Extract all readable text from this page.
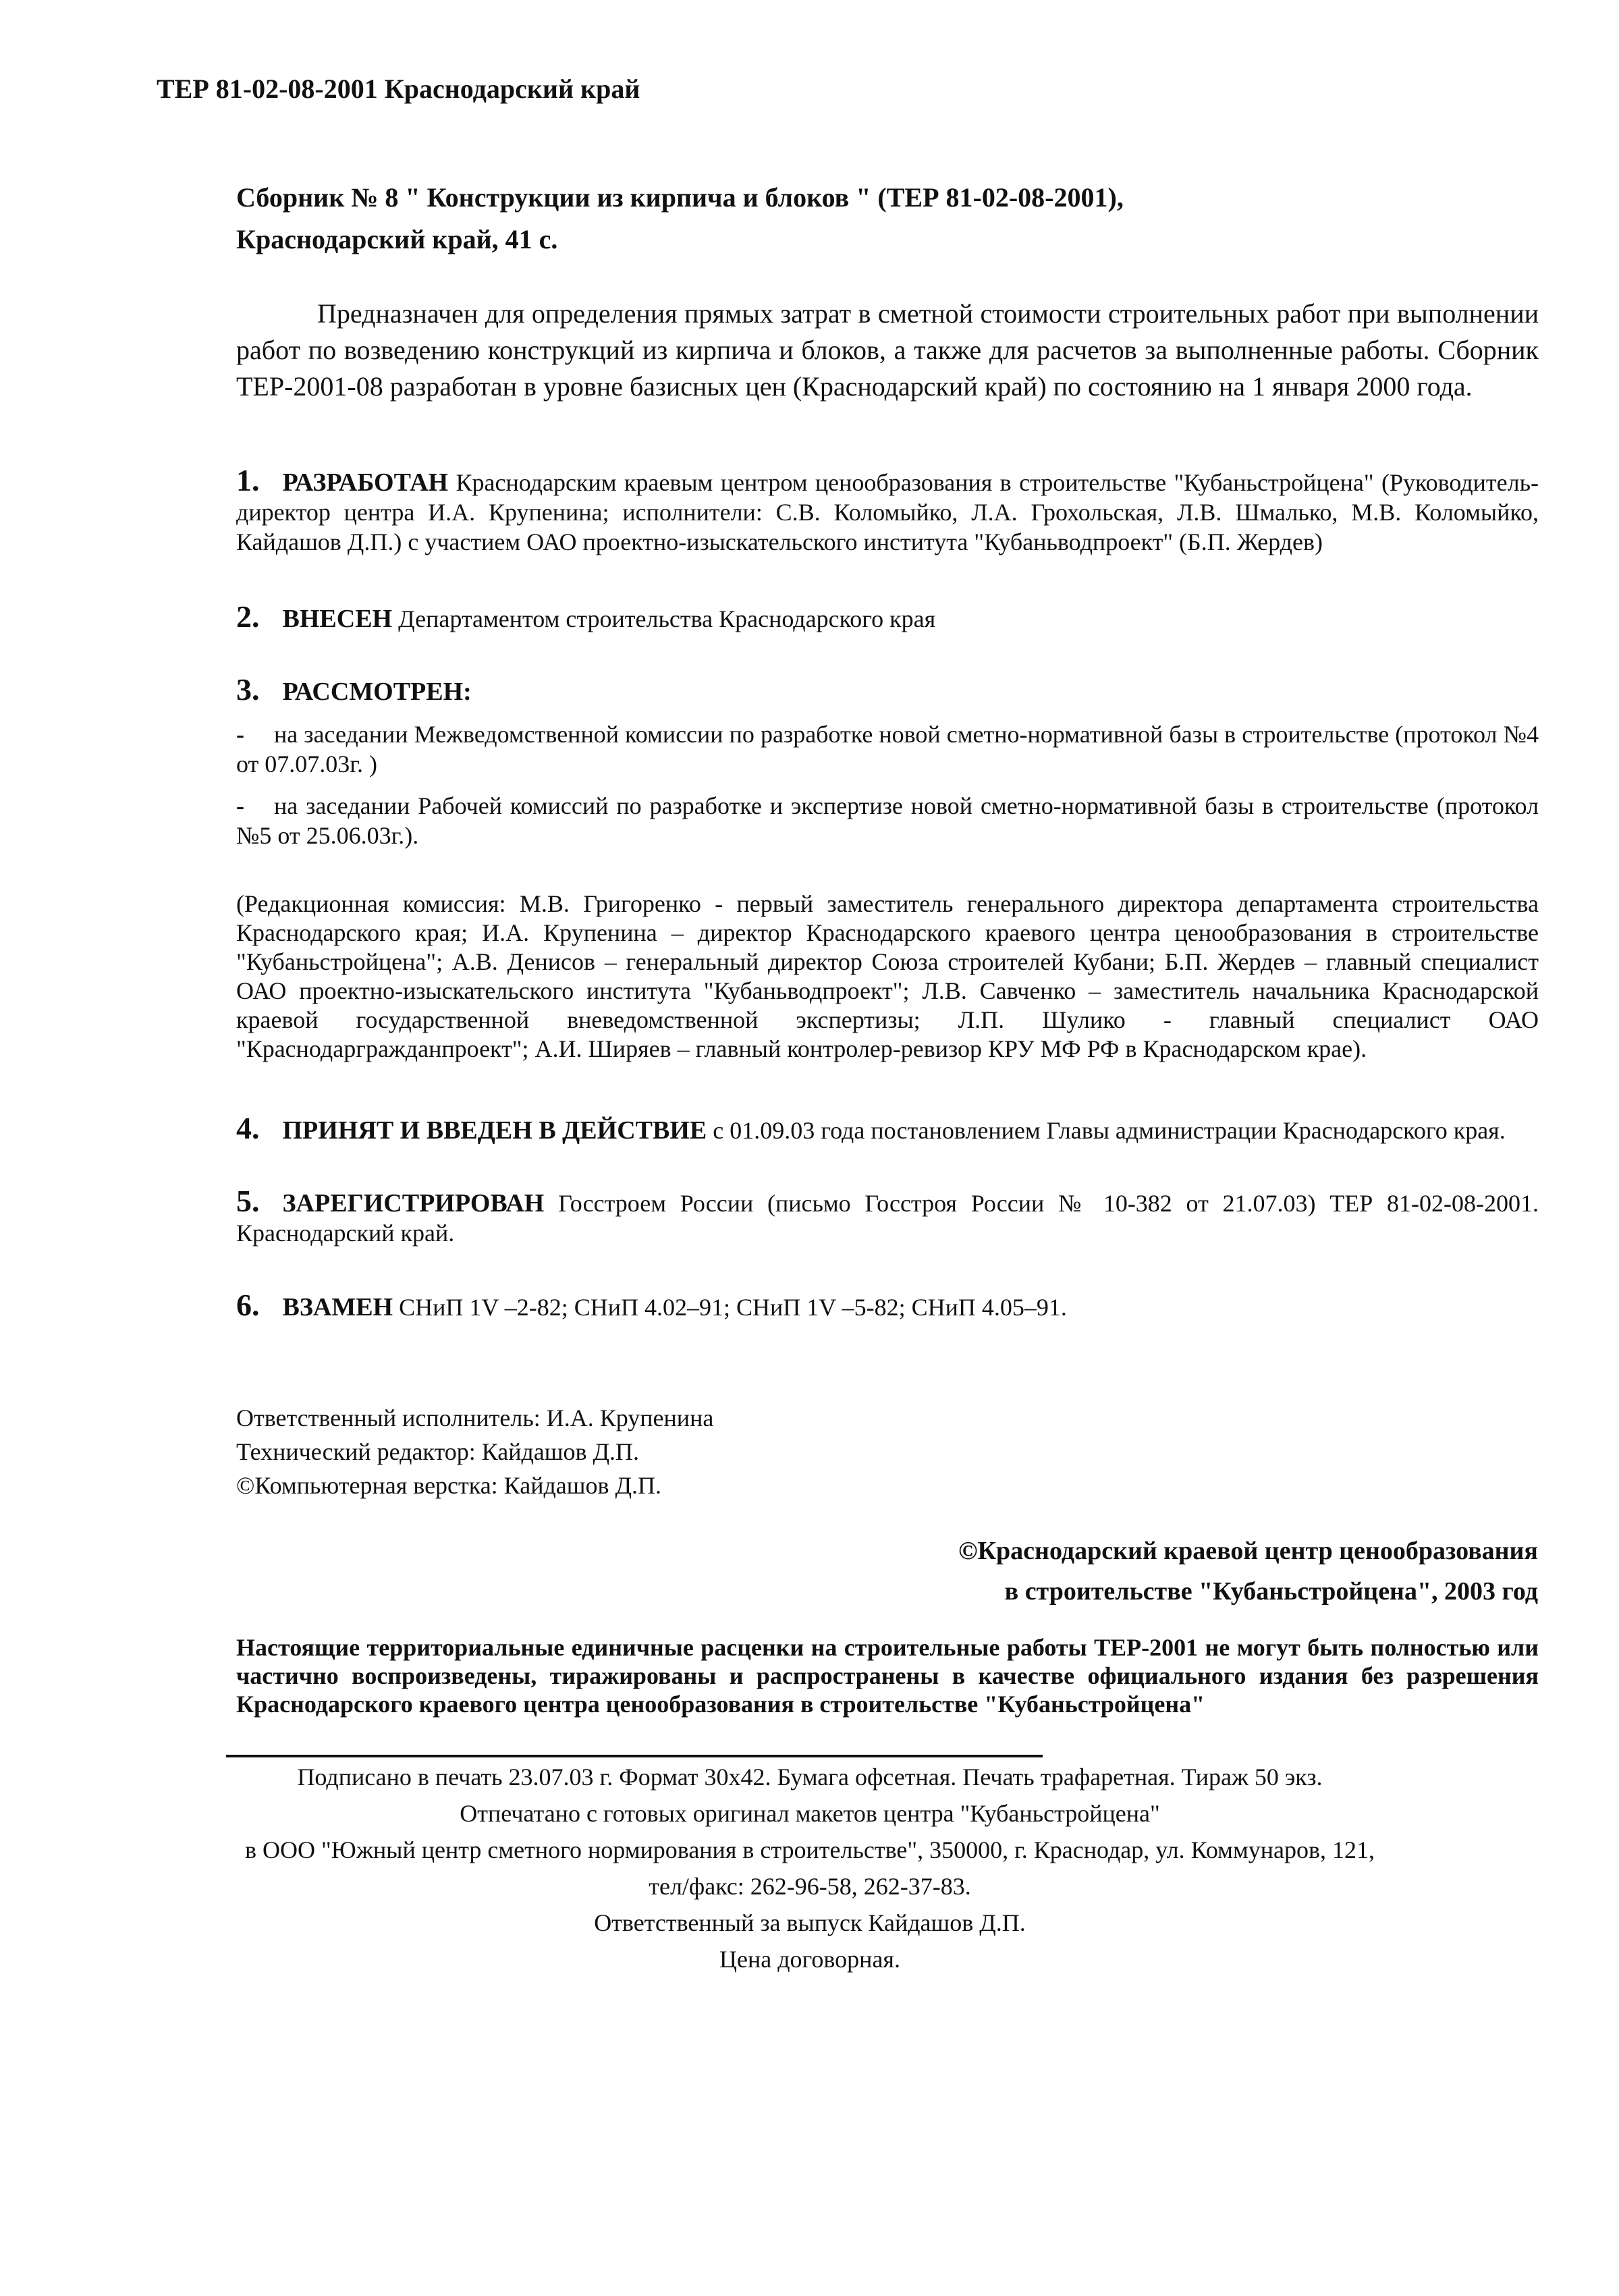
ТЕР 81-02-08-2001 Краснодарский край
Сборник № 8 " Конструкции из кирпича и блоков " (ТЕР 81-02-08-2001),
Краснодарский край, 41 с.
Предназначен для определения прямых затрат в сметной стоимости строительных работ при выполнении работ по возведению конструкций из кирпича и блоков, а также для расчетов за выполненные работы. Сборник ТЕР-2001-08 разработан в уровне базисных цен (Краснодарский край) по состоянию на 1 января 2000 года.
1. РАЗРАБОТАН Краснодарским краевым центром ценообразования в строительстве "Кубаньстройцена" (Руководитель- директор центра И.А. Крупенина; исполнители: С.В. Коломыйко, Л.А. Грохольская, Л.В. Шмалько, М.В. Коломыйко, Кайдашов Д.П.) с участием ОАО проектно-изыскательского института "Кубаньводпроект" (Б.П. Жердев)
2. ВНЕСЕН Департаментом строительства Краснодарского края
3. РАССМОТРЕН:
- на заседании Межведомственной комиссии по разработке новой сметно-нормативной базы в строительстве (протокол №4 от 07.07.03г. )
- на заседании Рабочей комиссий по разработке и экспертизе новой сметно-нормативной базы в строительстве (протокол №5 от 25.06.03г.).
(Редакционная комиссия: М.В. Григоренко - первый заместитель генерального директора департамента строительства Краснодарского края; И.А. Крупенина – директор Краснодарского краевого центра ценообразования в строительстве "Кубаньстройцена"; А.В. Денисов – генеральный директор Союза строителей Кубани; Б.П. Жердев – главный специалист ОАО проектно-изыскательского института "Кубаньводпроект"; Л.В. Савченко – заместитель начальника Краснодарской краевой государственной вневедомственной экспертизы; Л.П. Шулико - главный специалист ОАО "Краснодаргражданпроект"; А.И. Ширяев – главный контролер-ревизор КРУ МФ РФ в Краснодарском крае).
4. ПРИНЯТ И ВВЕДЕН В ДЕЙСТВИЕ с 01.09.03 года постановлением Главы администрации Краснодарского края.
5. ЗАРЕГИСТРИРОВАН Госстроем России (письмо Госстроя России № 10-382 от 21.07.03) ТЕР 81-02-08-2001. Краснодарский край.
6. ВЗАМЕН СНиП 1V –2-82; СНиП 4.02–91; СНиП 1V –5-82; СНиП 4.05–91.
Ответственный исполнитель: И.А. Крупенина
Технический редактор: Кайдашов Д.П.
©Компьютерная верстка: Кайдашов Д.П.
©Краснодарский краевой центр ценообразования
в строительстве "Кубаньстройцена", 2003 год
Настоящие территориальные единичные расценки на строительные работы ТЕР-2001 не могут быть полностью или частично воспроизведены, тиражированы и распространены в качестве официального издания без разрешения Краснодарского краевого центра ценообразования в строительстве "Кубаньстройцена"
Подписано в печать 23.07.03 г. Формат 30х42. Бумага офсетная. Печать трафаретная. Тираж 50 экз.
Отпечатано с готовых оригинал макетов центра "Кубаньстройцена"
в ООО "Южный центр сметного нормирования в строительстве", 350000, г. Краснодар, ул. Коммунаров, 121,
тел/факс: 262-96-58, 262-37-83.
Ответственный за выпуск Кайдашов Д.П.
Цена договорная.
